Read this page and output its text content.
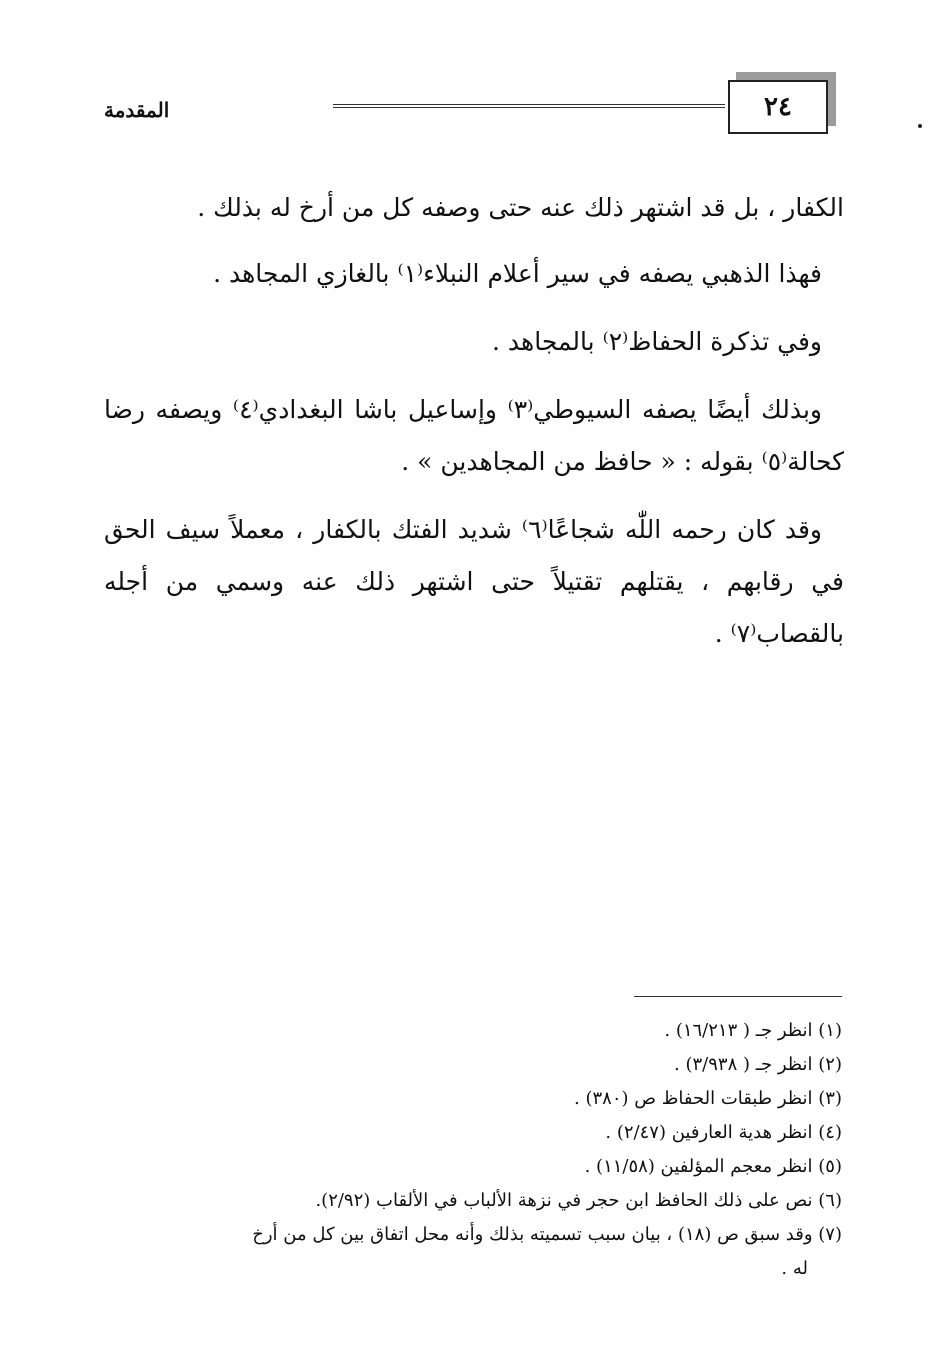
٢٤
المقدمة

الكفار ، بل قد اشتهر ذلك عنه حتى وصفه كل من أرخ له بذلك .

فهذا الذهبي يصفه في سير أعلام النبلاء⁽١⁾ بالغازي المجاهد .

وفي تذكرة الحفاظ⁽٢⁾ بالمجاهد .

وبذلك أيضًا يصفه السيوطي⁽٣⁾ وإساعيل باشا البغدادي⁽٤⁾ ويصفه رضا كحالة⁽٥⁾ بقوله : « حافظ من المجاهدين » .

وقد كان رحمه اللّٰه شجاعًا⁽٦⁾ شديد الفتك بالكفار ، معملاً سيف الحق في رقابهم ، يقتلهم تقتيلاً حتى اشتهر ذلك عنه وسمي من أجله بالقصاب⁽٧⁾ .

(١) انظر جـ ( ١٦/٢١٣) .

(٢) انظر جـ ( ٣/٩٣٨) .

(٣) انظر طبقات الحفاظ ص (٣٨٠) .

(٤) انظر هدية العارفين (٢/٤٧) .

(٥) انظر معجم المؤلفين (١١/٥٨) .

(٦) نص على ذلك الحافظ ابن حجر في نزهة الألباب في الألقاب (٢/٩٢).

(٧) وقد سبق ص (١٨) ، بيان سبب تسميته بذلك وأنه محل اتفاق بين كل من أرخ

له .
